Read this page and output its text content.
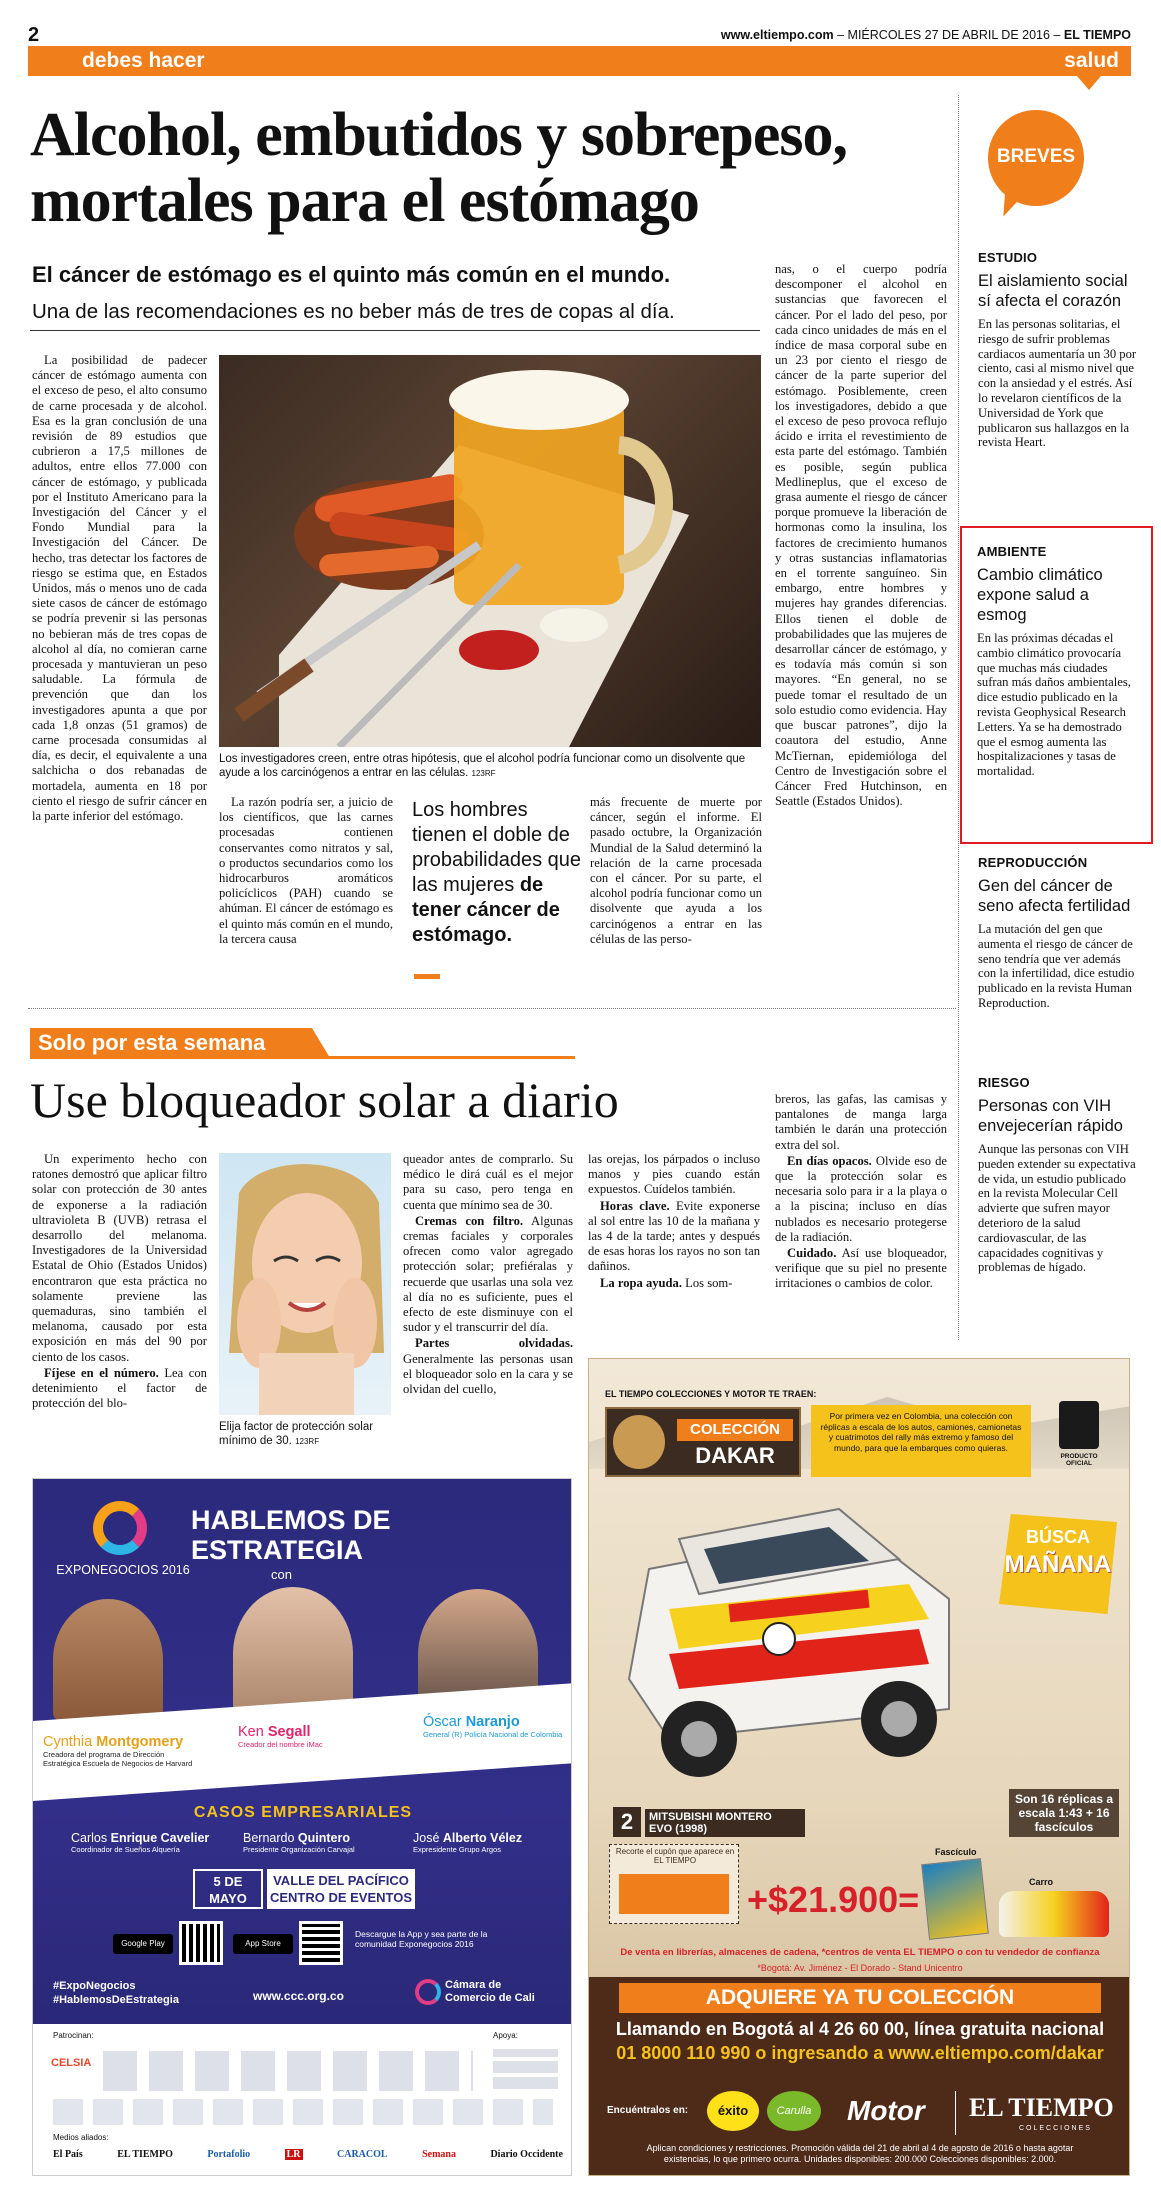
2	www.eltiempo.com – MIÉRCOLES 27 DE ABRIL DE 2016 – EL TIEMPO
debes hacer	salud
Alcohol, embutidos y sobrepeso,
mortales para el estómago
El cáncer de estómago es el quinto más común en el mundo.
Una de las recomendaciones es no beber más de tres de copas al día.
La posibilidad de padecer cáncer de estómago aumenta con el exceso de peso, el alto consumo de carne procesada y de alcohol. Esa es la gran conclusión de una revisión de 89 estudios que cubrieron a 17,5 millones de adultos, entre ellos 77.000 con cáncer de estómago, y publicada por el Instituto Americano para la Investigación del Cáncer y el Fondo Mundial para la Investigación del Cáncer. De hecho, tras detectar los factores de riesgo se estima que, en Estados Unidos, más o menos uno de cada siete casos de cáncer de estómago se podría prevenir si las personas no bebieran más de tres copas de alcohol al día, no comieran carne procesada y mantuvieran un peso saludable. La fórmula de prevención que dan los investigadores apunta a que por cada 1,8 onzas (51 gramos) de carne procesada consumidas al día, es decir, el equivalente a una salchicha o dos rebanadas de mortadela, aumenta en 18 por ciento el riesgo de sufrir cáncer en la parte inferior del estómago.
Los investigadores creen, entre otras hipótesis, que el alcohol podría funcionar como un disolvente que ayude a los carcinógenos a entrar en las células. 123RF
La razón podría ser, a juicio de los científicos, que las carnes procesadas contienen conservantes como nitratos y sal, o productos secundarios como los hidrocarburos aromáticos policíclicos (PAH) cuando se ahúman. El cáncer de estómago es el quinto más común en el mundo, la tercera causa
Los hombres tienen el doble de probabilidades que las mujeres de tener cáncer de estómago.
más frecuente de muerte por cáncer, según el informe. El pasado octubre, la Organización Mundial de la Salud determinó la relación de la carne procesada con el cáncer. Por su parte, el alcohol podría funcionar como un disolvente que ayuda a los carcinógenos a entrar en las células de las perso-
nas, o el cuerpo podría descomponer el alcohol en sustancias que favorecen el cáncer. Por el lado del peso, por cada cinco unidades de más en el índice de masa corporal sube en un 23 por ciento el riesgo de cáncer de la parte superior del estómago. Posiblemente, creen los investigadores, debido a que el exceso de peso provoca reflujo ácido e irrita el revestimiento de esta parte del estómago. También es posible, según publica Medlineplus, que el exceso de grasa aumente el riesgo de cáncer porque promueve la liberación de hormonas como la insulina, los factores de crecimiento humanos y otras sustancias inflamatorias en el torrente sanguíneo. Sin embargo, entre hombres y mujeres hay grandes diferencias. Ellos tienen el doble de probabilidades que las mujeres de desarrollar cáncer de estómago, y es todavía más común si son mayores. “En general, no se puede tomar el resultado de un solo estudio como evidencia. Hay que buscar patrones”, dijo la coautora del estudio, Anne McTiernan, epidemióloga del Centro de Investigación sobre el Cáncer Fred Hutchinson, en Seattle (Estados Unidos).
BREVES
ESTUDIO
El aislamiento social sí afecta el corazón
En las personas solitarias, el riesgo de sufrir problemas cardiacos aumentaría un 30 por ciento, casi al mismo nivel que con la ansiedad y el estrés. Así lo revelaron científicos de la Universidad de York que publicaron sus hallazgos en la revista Heart.
AMBIENTE
Cambio climático expone salud a esmog
En las próximas décadas el cambio climático provocaría que muchas más ciudades sufran más daños ambientales, dice estudio publicado en la revista Geophysical Research Letters. Ya se ha demostrado que el esmog aumenta las hospitalizaciones y tasas de mortalidad.
REPRODUCCIÓN
Gen del cáncer de seno afecta fertilidad
La mutación del gen que aumenta el riesgo de cáncer de seno tendría que ver además con la infertilidad, dice estudio publicado en la revista Human Reproduction.
RIESGO
Personas con VIH envejecerían rápido
Aunque las personas con VIH pueden extender su expectativa de vida, un estudio publicado en la revista Molecular Cell advierte que sufren mayor deterioro de la salud cardiovascular, de las capacidades cognitivas y problemas de hígado.
Solo por esta semana
Use bloqueador solar a diario

Un experimento hecho con ratones demostró que aplicar filtro solar con protección de 30 antes de exponerse a la radiación ultravioleta B (UVB) retrasa el desarrollo del melanoma. Investigadores de la Universidad Estatal de Ohio (Estados Unidos) encontraron que esta práctica no solamente previene las quemaduras, sino también el melanoma, causado por esta exposición en más del 90 por ciento de los casos.

Fíjese en el número. Lea con detenimiento el factor de protección del blo-

Elija factor de protección solar mínimo de 30. 123RF

queador antes de comprarlo. Su médico le dirá cuál es el mejor para su caso, pero tenga en cuenta que mínimo sea de 30.

Cremas con filtro. Algunas cremas faciales y corporales ofrecen como valor agregado protección solar; prefiéralas y recuerde que usarlas una sola vez al día no es suficiente, pues el efecto de este disminuye con el sudor y el transcurrir del día.

Partes olvidadas. Generalmente las personas usan el bloqueador solo en la cara y se olvidan del cuello,

las orejas, los párpados o incluso manos y pies cuando están expuestos. Cuídelos también.

Horas clave. Evite exponerse al sol entre las 10 de la mañana y las 4 de la tarde; antes y después de esas horas los rayos no son tan dañinos.

La ropa ayuda. Los som-

breros, las gafas, las camisas y pantalones de manga larga también le darán una protección extra del sol.

En días opacos. Olvide eso de que la protección solar es necesaria solo para ir a la playa o a la piscina; incluso en días nublados es necesario protegerse de la radiación.

Cuidado. Así use bloqueador, verifique que su piel no presente irritaciones o cambios de color.

EXPONEGOCIOS 2016
HABLEMOS DE
ESTRATEGIA
con
Cynthia Montgomery
Creadora del programa de Dirección Estratégica Escuela de Negocios de Harvard
Ken Segall
Creador del nombre iMac
Óscar Naranjo
General (R) Policía Nacional de Colombia
CASOS EMPRESARIALES
Carlos Enrique Cavelier
Coordinador de Sueños Alquería
Bernardo Quintero
Presidente Organización Carvajal
José Alberto Vélez
Expresidente Grupo Argos
5 DE
MAYO
VALLE DEL PACÍFICO
CENTRO DE EVENTOS
Google Play	App Store
Descargue la App y sea parte de la comunidad Exponegocios 2016
#ExpoNegocios
#HablemosDeEstrategia	www.ccc.org.co
Cámara de
Comercio de Cali
Patrocinan:	Apoya:
CELSIA
Medios aliados:
El País	EL TIEMPO	Portafolio	LR	CARACOL	Semana	Diario Occidente
EL TIEMPO COLECCIONES Y MOTOR TE TRAEN:
COLECCIÓN
DAKAR
Por primera vez en Colombia, una colección con réplicas a escala de los autos, camiones, camionetas y cuatrimotos del rally más extremo y famoso del mundo, para que la embarques como quieras.
PRODUCTO OFICIAL
BÚSCA
MAÑANA
2	MITSUBISHI MONTERO
EVO (1998)
Son 16 réplicas a escala 1:43 + 16 fascículos
Fascículo
Carro
Recorte el cupón que aparece en EL TIEMPO
+$21.900=
De venta en librerías, almacenes de cadena, *centros de venta EL TIEMPO o con tu vendedor de confianza
*Bogotá: Av. Jiménez - El Dorado - Stand Unicentro
ADQUIERE YA TU COLECCIÓN
Llamando en Bogotá al 4 26 60 00, línea gratuita nacional
01 8000 110 990 o ingresando a www.eltiempo.com/dakar
Encuéntralos en:	éxito	Carulla	Motor EL TIEMPO
COLECCIONES
Aplican condiciones y restricciones. Promoción válida del 21 de abril al 4 de agosto de 2016 o hasta agotar existencias, lo que primero ocurra. Unidades disponibles: 200.000 Colecciones disponibles: 2.000.
